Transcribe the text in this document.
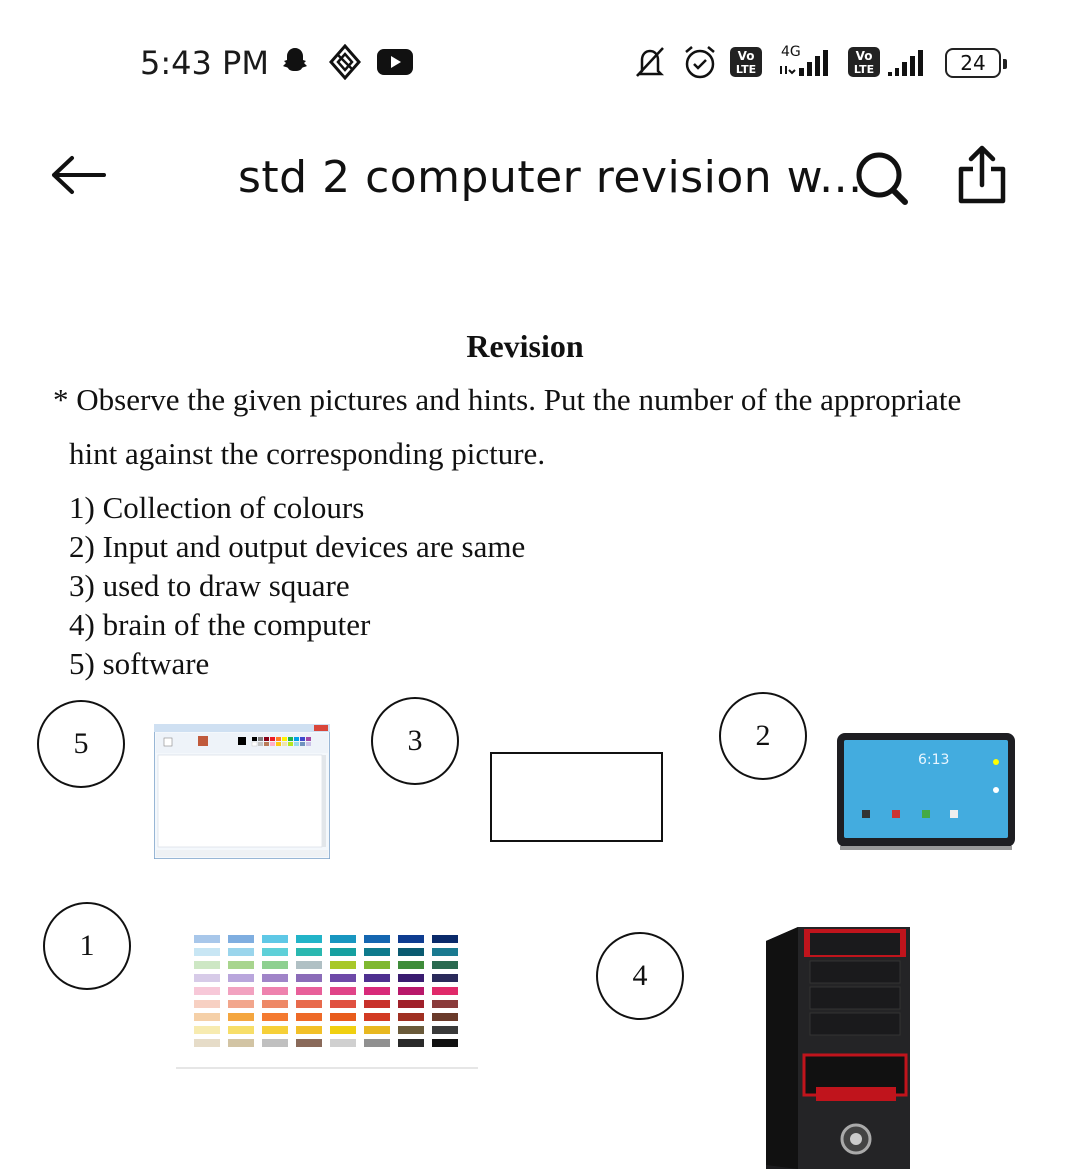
5:43 PM	Vo
LTE
4G	Vo
LTE	24
std 2 computer revision w...
Revision
* Observe the given pictures and hints. Put the number of the appropriate
hint against the corresponding picture.
1) Collection of colours
2) Input and output devices are same
3) used to draw square
4) brain of the computer
5) software
5	3	2
6:13
1
4
